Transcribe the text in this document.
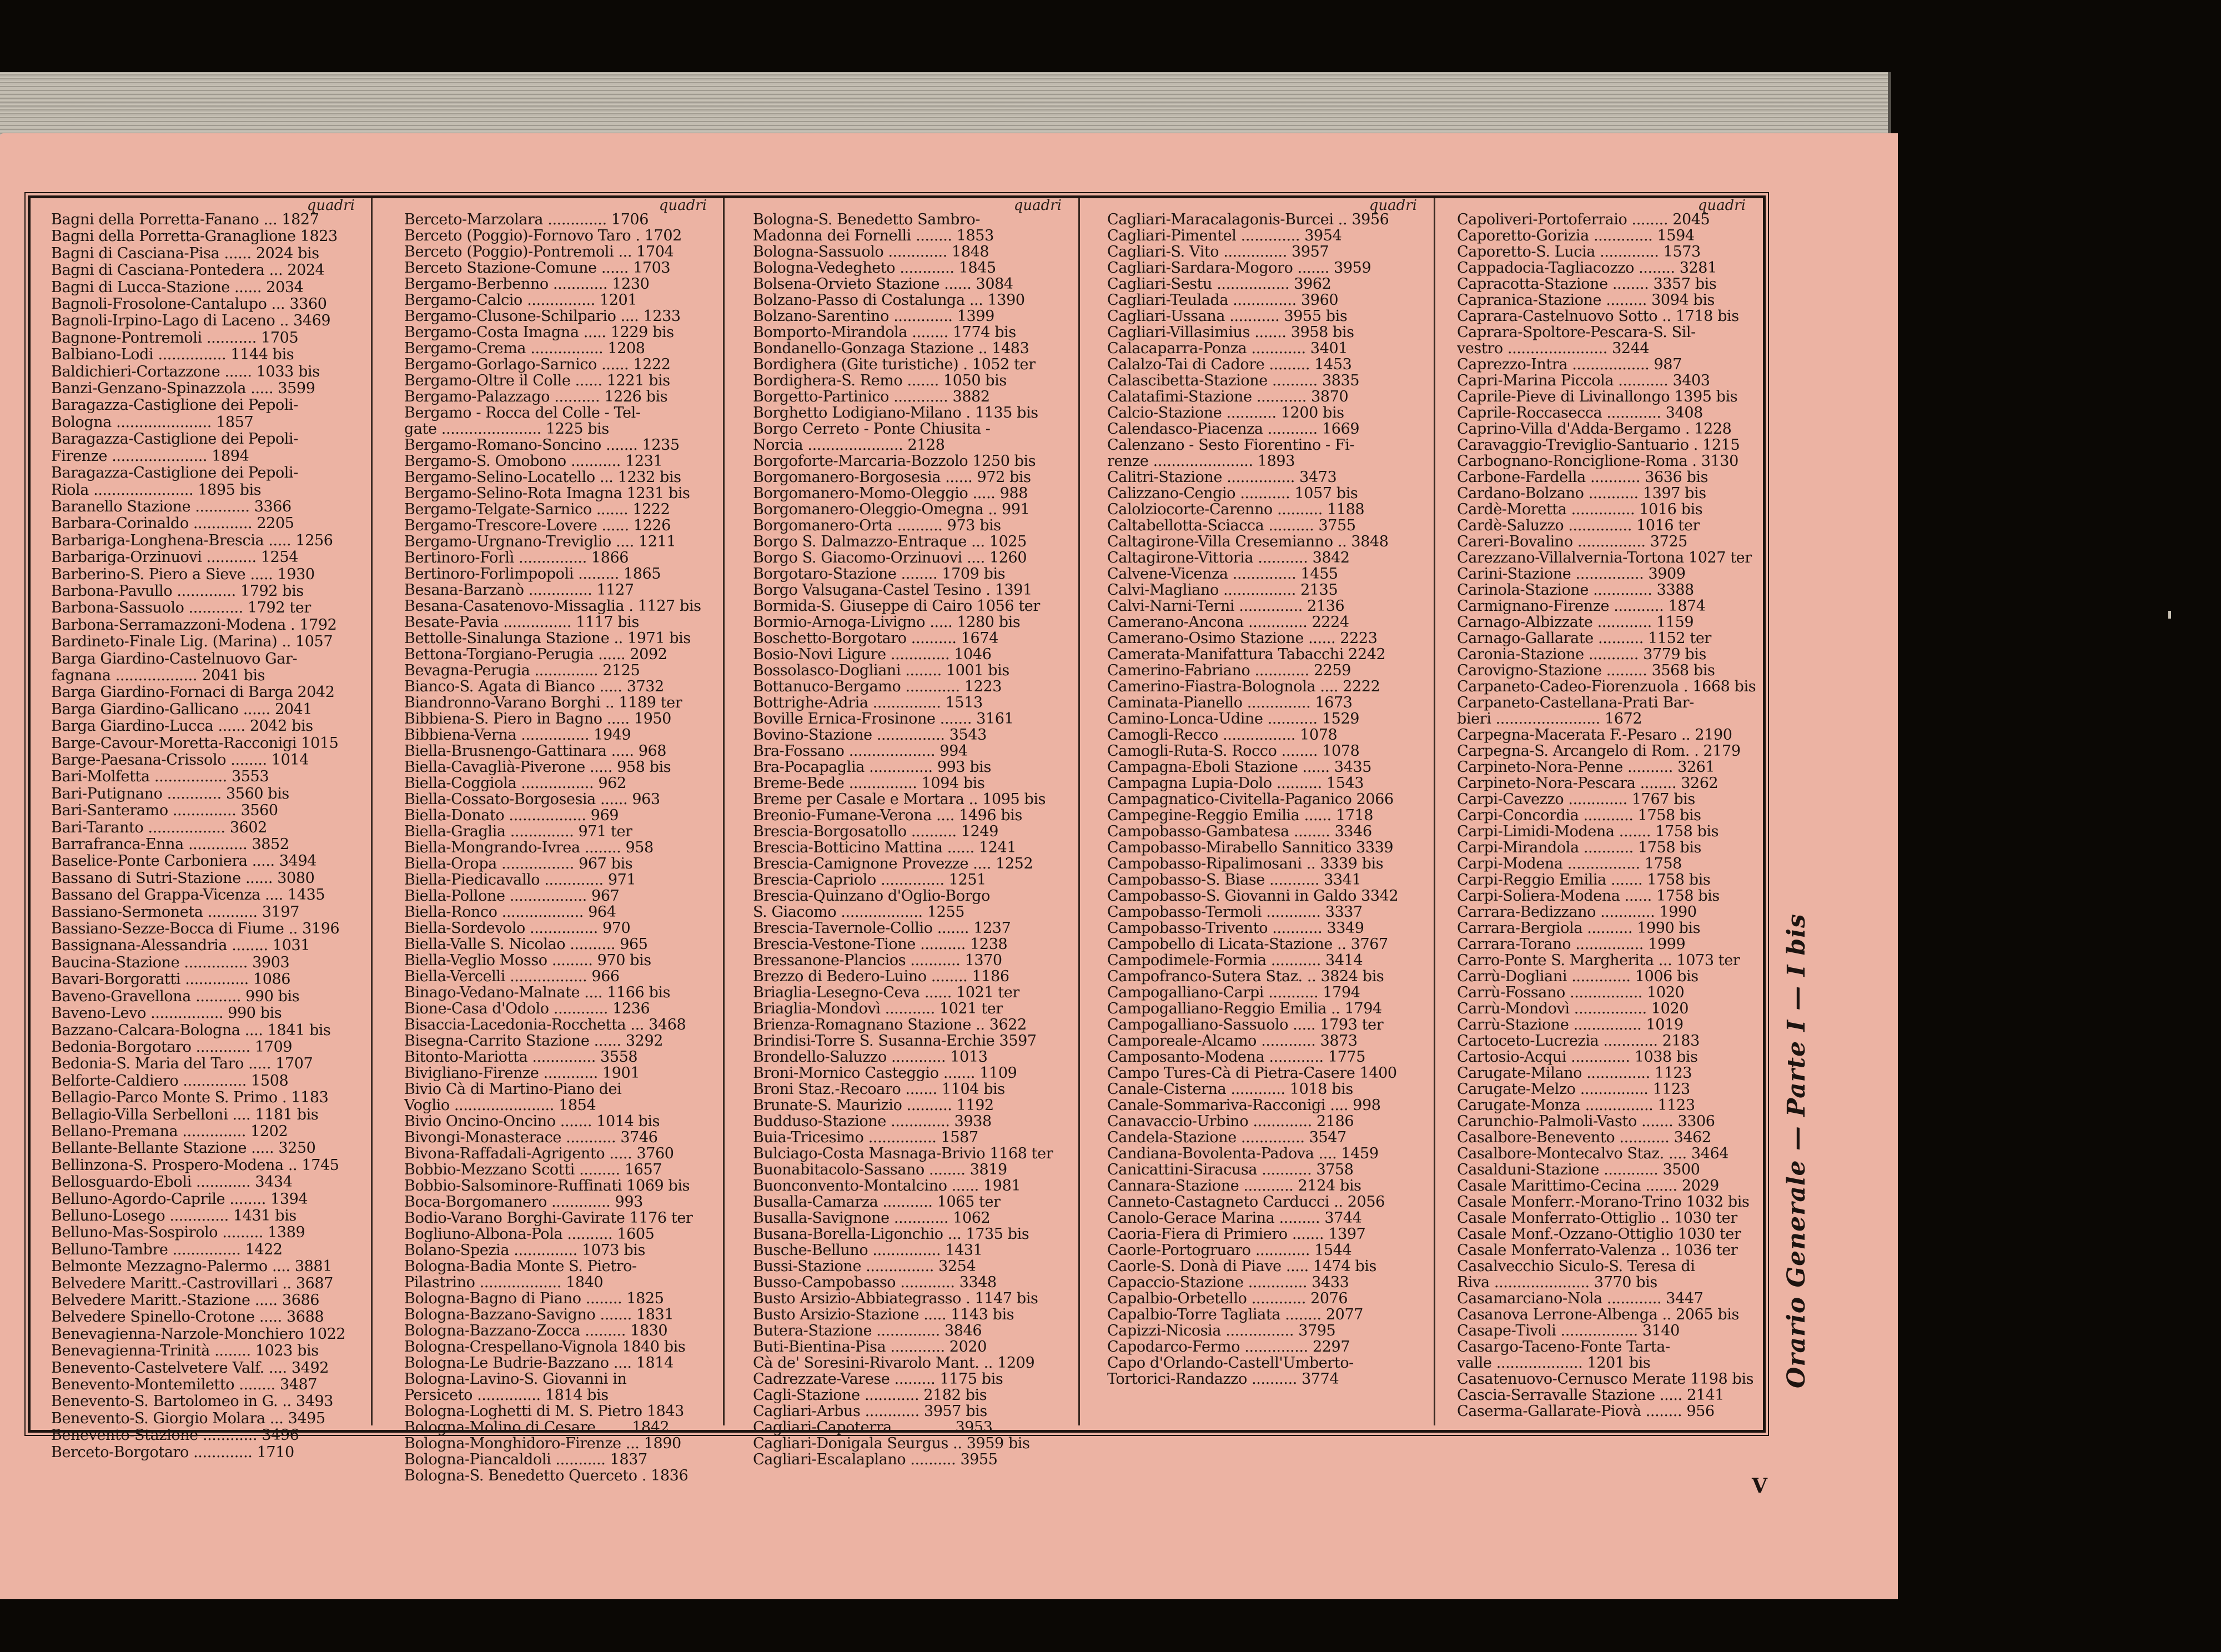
quadri
Bagni della Porretta-Fanano ... 1827
Bagni della Porretta-Granaglione 1823
Bagni di Casciana-Pisa ...... 2024 bis
Bagni di Casciana-Pontedera ... 2024
Bagni di Lucca-Stazione ...... 2034
Bagnoli-Frosolone-Cantalupo ... 3360
Bagnoli-Irpino-Lago di Laceno .. 3469
Bagnone-Pontremoli ........... 1705
Balbiano-Lodi ............... 1144 bis
Baldichieri-Cortazzone ...... 1033 bis
Banzi-Genzano-Spinazzola ..... 3599
Baragazza-Castiglione dei Pepoli-
Bologna ..................... 1857
Baragazza-Castiglione dei Pepoli-
Firenze ..................... 1894
Baragazza-Castiglione dei Pepoli-
Riola ...................... 1895 bis
Baranello Stazione ............ 3366
Barbara-Corinaldo ............. 2205
Barbariga-Longhena-Brescia ..... 1256
Barbariga-Orzinuovi ........... 1254
Barberino-S. Piero a Sieve ..... 1930
Barbona-Pavullo ............. 1792 bis
Barbona-Sassuolo ............ 1792 ter
Barbona-Serramazzoni-Modena . 1792
Bardineto-Finale Lig. (Marina) .. 1057
Barga Giardino-Castelnuovo Gar-
fagnana .................. 2041 bis
Barga Giardino-Fornaci di Barga 2042
Barga Giardino-Gallicano ...... 2041
Barga Giardino-Lucca ...... 2042 bis
Barge-Cavour-Moretta-Racconigi 1015
Barge-Paesana-Crissolo ........ 1014
Bari-Molfetta ................ 3553
Bari-Putignano ............ 3560 bis
Bari-Santeramo .............. 3560
Bari-Taranto ................. 3602
Barrafranca-Enna ............. 3852
Baselice-Ponte Carboniera ..... 3494
Bassano di Sutri-Stazione ...... 3080
Bassano del Grappa-Vicenza .... 1435
Bassiano-Sermoneta ........... 3197
Bassiano-Sezze-Bocca di Fiume .. 3196
Bassignana-Alessandria ........ 1031
Baucina-Stazione .............. 3903
Bavari-Borgoratti .............. 1086
Baveno-Gravellona .......... 990 bis
Baveno-Levo ................ 990 bis
Bazzano-Calcara-Bologna .... 1841 bis
Bedonia-Borgotaro ............ 1709
Bedonia-S. Maria del Taro ..... 1707
Belforte-Caldiero .............. 1508
Bellagio-Parco Monte S. Primo . 1183
Bellagio-Villa Serbelloni .... 1181 bis
Bellano-Premana .............. 1202
Bellante-Bellante Stazione ..... 3250
Bellinzona-S. Prospero-Modena .. 1745
Bellosguardo-Eboli ............ 3434
Belluno-Agordo-Caprile ........ 1394
Belluno-Losego ............. 1431 bis
Belluno-Mas-Sospirolo ......... 1389
Belluno-Tambre ............... 1422
Belmonte Mezzagno-Palermo .... 3881
Belvedere Maritt.-Castrovillari .. 3687
Belvedere Maritt.-Stazione ..... 3686
Belvedere Spinello-Crotone ..... 3688
Benevagienna-Narzole-Monchiero 1022
Benevagienna-Trinità ........ 1023 bis
Benevento-Castelvetere Valf. .... 3492
Benevento-Montemiletto ........ 3487
Benevento-S. Bartolomeo in G. .. 3493
Benevento-S. Giorgio Molara ... 3495
Benevento-Stazione ............ 3496
Berceto-Borgotaro ............. 1710
quadri
Berceto-Marzolara ............. 1706
Berceto (Poggio)-Fornovo Taro . 1702
Berceto (Poggio)-Pontremoli ... 1704
Berceto Stazione-Comune ...... 1703
Bergamo-Berbenno ............ 1230
Bergamo-Calcio ............... 1201
Bergamo-Clusone-Schilpario .... 1233
Bergamo-Costa Imagna ..... 1229 bis
Bergamo-Crema ................ 1208
Bergamo-Gorlago-Sarnico ...... 1222
Bergamo-Oltre il Colle ...... 1221 bis
Bergamo-Palazzago .......... 1226 bis
Bergamo - Rocca del Colle - Tel-
gate ...................... 1225 bis
Bergamo-Romano-Soncino ....... 1235
Bergamo-S. Omobono ........... 1231
Bergamo-Selino-Locatello ... 1232 bis
Bergamo-Selino-Rota Imagna 1231 bis
Bergamo-Telgate-Sarnico ....... 1222
Bergamo-Trescore-Lovere ...... 1226
Bergamo-Urgnano-Treviglio .... 1211
Bertinoro-Forlì ............... 1866
Bertinoro-Forlimpopoli ......... 1865
Besana-Barzanò .............. 1127
Besana-Casatenovo-Missaglia . 1127 bis
Besate-Pavia ............... 1117 bis
Bettolle-Sinalunga Stazione .. 1971 bis
Bettona-Torgiano-Perugia ...... 2092
Bevagna-Perugia .............. 2125
Bianco-S. Agata di Bianco ..... 3732
Biandronno-Varano Borghi .. 1189 ter
Bibbiena-S. Piero in Bagno ..... 1950
Bibbiena-Verna ............... 1949
Biella-Brusnengo-Gattinara ..... 968
Biella-Cavaglià-Piverone ..... 958 bis
Biella-Coggiola ................ 962
Biella-Cossato-Borgosesia ...... 963
Biella-Donato ................. 969
Biella-Graglia .............. 971 ter
Biella-Mongrando-Ivrea ........ 958
Biella-Oropa ................ 967 bis
Biella-Piedicavallo ............. 971
Biella-Pollone ................. 967
Biella-Ronco .................. 964
Biella-Sordevolo ............... 970
Biella-Valle S. Nicolao .......... 965
Biella-Veglio Mosso ......... 970 bis
Biella-Vercelli ................. 966
Binago-Vedano-Malnate .... 1166 bis
Bione-Casa d'Odolo ............ 1236
Bisaccia-Lacedonia-Rocchetta ... 3468
Bisegna-Carrito Stazione ...... 3292
Bitonto-Mariotta .............. 3558
Bivigliano-Firenze ............ 1901
Bivio Cà di Martino-Piano dei
Voglio ...................... 1854
Bivio Oncino-Oncino ....... 1014 bis
Bivongi-Monasterace ........... 3746
Bivona-Raffadali-Agrigento ..... 3760
Bobbio-Mezzano Scotti ......... 1657
Bobbio-Salsominore-Ruffinati 1069 bis
Boca-Borgomanero ............. 993
Bodio-Varano Borghi-Gavirate 1176 ter
Bogliuno-Albona-Pola .......... 1605
Bolano-Spezia .............. 1073 bis
Bologna-Badia Monte S. Pietro-
Pilastrino .................. 1840
Bologna-Bagno di Piano ........ 1825
Bologna-Bazzano-Savigno ....... 1831
Bologna-Bazzano-Zocca ......... 1830
Bologna-Crespellano-Vignola 1840 bis
Bologna-Le Budrie-Bazzano .... 1814
Bologna-Lavino-S. Giovanni in
Persiceto .............. 1814 bis
Bologna-Loghetti di M. S. Pietro 1843
Bologna-Molino di Cesare ...... 1842
Bologna-Monghidoro-Firenze ... 1890
Bologna-Piancaldoli ........... 1837
Bologna-S. Benedetto Querceto . 1836
quadri
Bologna-S. Benedetto Sambro-
Madonna dei Fornelli ........ 1853
Bologna-Sassuolo ............. 1848
Bologna-Vedegheto ............ 1845
Bolsena-Orvieto Stazione ...... 3084
Bolzano-Passo di Costalunga ... 1390
Bolzano-Sarentino ............. 1399
Bomporto-Mirandola ........ 1774 bis
Bondanello-Gonzaga Stazione .. 1483
Bordighera (Gite turistiche) . 1052 ter
Bordighera-S. Remo ....... 1050 bis
Borgetto-Partinico ............ 3882
Borghetto Lodigiano-Milano . 1135 bis
Borgo Cerreto - Ponte Chiusita -
Norcia ..................... 2128
Borgoforte-Marcaria-Bozzolo 1250 bis
Borgomanero-Borgosesia ...... 972 bis
Borgomanero-Momo-Oleggio ..... 988
Borgomanero-Oleggio-Omegna .. 991
Borgomanero-Orta .......... 973 bis
Borgo S. Dalmazzo-Entraque ... 1025
Borgo S. Giacomo-Orzinuovi .... 1260
Borgotaro-Stazione ........ 1709 bis
Borgo Valsugana-Castel Tesino . 1391
Bormida-S. Giuseppe di Cairo 1056 ter
Bormio-Arnoga-Livigno ..... 1280 bis
Boschetto-Borgotaro .......... 1674
Bosio-Novi Ligure ............. 1046
Bossolasco-Dogliani ........ 1001 bis
Bottanuco-Bergamo ............ 1223
Bottrighe-Adria ............... 1513
Boville Ernica-Frosinone ....... 3161
Bovino-Stazione ............... 3543
Bra-Fossano ................... 994
Bra-Pocapaglia .............. 993 bis
Breme-Bede ............... 1094 bis
Breme per Casale e Mortara .. 1095 bis
Breonio-Fumane-Verona .... 1496 bis
Brescia-Borgosatollo .......... 1249
Brescia-Botticino Mattina ...... 1241
Brescia-Camignone Provezze .... 1252
Brescia-Capriolo .............. 1251
Brescia-Quinzano d'Oglio-Borgo
S. Giacomo .................. 1255
Brescia-Tavernole-Collio ....... 1237
Brescia-Vestone-Tione .......... 1238
Bressanone-Plancios ........... 1370
Brezzo di Bedero-Luino ........ 1186
Briaglia-Lesegno-Ceva ...... 1021 ter
Briaglia-Mondovì ........... 1021 ter
Brienza-Romagnano Stazione .. 3622
Brindisi-Torre S. Susanna-Erchie 3597
Brondello-Saluzzo ............ 1013
Broni-Mornico Casteggio ....... 1109
Broni Staz.-Recoaro ....... 1104 bis
Brunate-S. Maurizio .......... 1192
Budduso-Stazione ............. 3938
Buia-Tricesimo ............... 1587
Bulciago-Costa Masnaga-Brivio 1168 ter
Buonabitacolo-Sassano ........ 3819
Buonconvento-Montalcino ...... 1981
Busalla-Camarza ........... 1065 ter
Busalla-Savignone ............ 1062
Busana-Borella-Ligonchio ... 1735 bis
Busche-Belluno ............... 1431
Bussi-Stazione ............... 3254
Busso-Campobasso ............ 3348
Busto Arsizio-Abbiategrasso . 1147 bis
Busto Arsizio-Stazione ..... 1143 bis
Butera-Stazione .............. 3846
Buti-Bientina-Pisa ............ 2020
Cà de' Soresini-Rivarolo Mant. .. 1209
Cadrezzate-Varese ......... 1175 bis
Cagli-Stazione ............ 2182 bis
Cagliari-Arbus ............ 3957 bis
Cagliari-Capoterra ............ 3953
Cagliari-Donigala Seurgus .. 3959 bis
Cagliari-Escalaplano .......... 3955
quadri
Cagliari-Maracalagonis-Burcei .. 3956
Cagliari-Pimentel ............. 3954
Cagliari-S. Vito .............. 3957
Cagliari-Sardara-Mogoro ....... 3959
Cagliari-Sestu ................ 3962
Cagliari-Teulada .............. 3960
Cagliari-Ussana ........... 3955 bis
Cagliari-Villasimius ....... 3958 bis
Calacaparra-Ponza ............ 3401
Calalzo-Tai di Cadore ......... 1453
Calascibetta-Stazione .......... 3835
Calatafimi-Stazione ........... 3870
Calcio-Stazione ........... 1200 bis
Calendasco-Piacenza ........... 1669
Calenzano - Sesto Fiorentino - Fi-
renze ...................... 1893
Calitri-Stazione ............... 3473
Calizzano-Cengio ........... 1057 bis
Calolziocorte-Carenno .......... 1188
Caltabellotta-Sciacca .......... 3755
Caltagirone-Villa Cresemianno .. 3848
Caltagirone-Vittoria ........... 3842
Calvene-Vicenza .............. 1455
Calvi-Magliano ................ 2135
Calvi-Narni-Terni .............. 2136
Camerano-Ancona ............. 2224
Camerano-Osimo Stazione ...... 2223
Camerata-Manifattura Tabacchi 2242
Camerino-Fabriano ............ 2259
Camerino-Fiastra-Bolognola .... 2222
Caminata-Pianello .............. 1673
Camino-Lonca-Udine ........... 1529
Camogli-Recco ................ 1078
Camogli-Ruta-S. Rocco ........ 1078
Campagna-Eboli Stazione ...... 3435
Campagna Lupia-Dolo .......... 1543
Campagnatico-Civitella-Paganico 2066
Campegine-Reggio Emilia ...... 1718
Campobasso-Gambatesa ........ 3346
Campobasso-Mirabello Sannitico 3339
Campobasso-Ripalimosani .. 3339 bis
Campobasso-S. Biase ........... 3341
Campobasso-S. Giovanni in Galdo 3342
Campobasso-Termoli ............ 3337
Campobasso-Trivento ........... 3349
Campobello di Licata-Stazione .. 3767
Campodimele-Formia ........... 3414
Campofranco-Sutera Staz. .. 3824 bis
Campogalliano-Carpi ........... 1794
Campogalliano-Reggio Emilia .. 1794
Campogalliano-Sassuolo ..... 1793 ter
Camporeale-Alcamo ............ 3873
Camposanto-Modena ............ 1775
Campo Tures-Cà di Pietra-Casere 1400
Canale-Cisterna ............ 1018 bis
Canale-Sommariva-Racconigi .... 998
Canavaccio-Urbino ............. 2186
Candela-Stazione .............. 3547
Candiana-Bovolenta-Padova .... 1459
Canicattini-Siracusa ........... 3758
Cannara-Stazione ........... 2124 bis
Canneto-Castagneto Carducci .. 2056
Canolo-Gerace Marina ......... 3744
Caoria-Fiera di Primiero ....... 1397
Caorle-Portogruaro ............ 1544
Caorle-S. Donà di Piave ..... 1474 bis
Capaccio-Stazione ............. 3433
Capalbio-Orbetello ............ 2076
Capalbio-Torre Tagliata ........ 2077
Capizzi-Nicosia ............... 3795
Capodarco-Fermo .............. 2297
Capo d'Orlando-Castell'Umberto-
Tortorici-Randazzo .......... 3774
quadri
Capoliveri-Portoferraio ........ 2045
Caporetto-Gorizia ............. 1594
Caporetto-S. Lucia ............. 1573
Cappadocia-Tagliacozzo ........ 3281
Capracotta-Stazione ........ 3357 bis
Capranica-Stazione ......... 3094 bis
Caprara-Castelnuovo Sotto .. 1718 bis
Caprara-Spoltore-Pescara-S. Sil-
vestro ...................... 3244
Caprezzo-Intra ................. 987
Capri-Marina Piccola ........... 3403
Caprile-Pieve di Livinallongo 1395 bis
Caprile-Roccasecca ............ 3408
Caprino-Villa d'Adda-Bergamo . 1228
Caravaggio-Treviglio-Santuario . 1215
Carbognano-Ronciglione-Roma . 3130
Carbone-Fardella ........... 3636 bis
Cardano-Bolzano ........... 1397 bis
Cardè-Moretta .............. 1016 bis
Cardè-Saluzzo .............. 1016 ter
Careri-Bovalino ............... 3725
Carezzano-Villalvernia-Tortona 1027 ter
Carini-Stazione ............... 3909
Carinola-Stazione ............. 3388
Carmignano-Firenze ........... 1874
Carnago-Albizzate ............ 1159
Carnago-Gallarate .......... 1152 ter
Caronia-Stazione ........... 3779 bis
Carovigno-Stazione ......... 3568 bis
Carpaneto-Cadeo-Fiorenzuola . 1668 bis
Carpaneto-Castellana-Prati Bar-
bieri ....................... 1672
Carpegna-Macerata F.-Pesaro .. 2190
Carpegna-S. Arcangelo di Rom. . 2179
Carpineto-Nora-Penne .......... 3261
Carpineto-Nora-Pescara ........ 3262
Carpi-Cavezzo ............. 1767 bis
Carpi-Concordia ........... 1758 bis
Carpi-Limidi-Modena ....... 1758 bis
Carpi-Mirandola ........... 1758 bis
Carpi-Modena ................ 1758
Carpi-Reggio Emilia ....... 1758 bis
Carpi-Soliera-Modena ...... 1758 bis
Carrara-Bedizzano ............ 1990
Carrara-Bergiola .......... 1990 bis
Carrara-Torano ............... 1999
Carro-Ponte S. Margherita ... 1073 ter
Carrù-Dogliani ............. 1006 bis
Carrù-Fossano ................ 1020
Carrù-Mondovì ................ 1020
Carrù-Stazione ............... 1019
Cartoceto-Lucrezia ............ 2183
Cartosio-Acqui ............. 1038 bis
Carugate-Milano .............. 1123
Carugate-Melzo ............... 1123
Carugate-Monza ............... 1123
Carunchio-Palmoli-Vasto ....... 3306
Casalbore-Benevento ........... 3462
Casalbore-Montecalvo Staz. .... 3464
Casalduni-Stazione ............ 3500
Casale Marittimo-Cecina ....... 2029
Casale Monferr.-Morano-Trino 1032 bis
Casale Monferrato-Ottiglio .. 1030 ter
Casale Monf.-Ozzano-Ottiglio 1030 ter
Casale Monferrato-Valenza .. 1036 ter
Casalvecchio Siculo-S. Teresa di
Riva ..................... 3770 bis
Casamarciano-Nola ............ 3447
Casanova Lerrone-Albenga .. 2065 bis
Casape-Tivoli ................. 3140
Casargo-Taceno-Fonte Tarta-
valle ................... 1201 bis
Casatenuovo-Cernusco Merate 1198 bis
Cascia-Serravalle Stazione ..... 2141
Caserma-Gallarate-Piovà ........ 956
Orario Generale — Parte I — I bis
V
